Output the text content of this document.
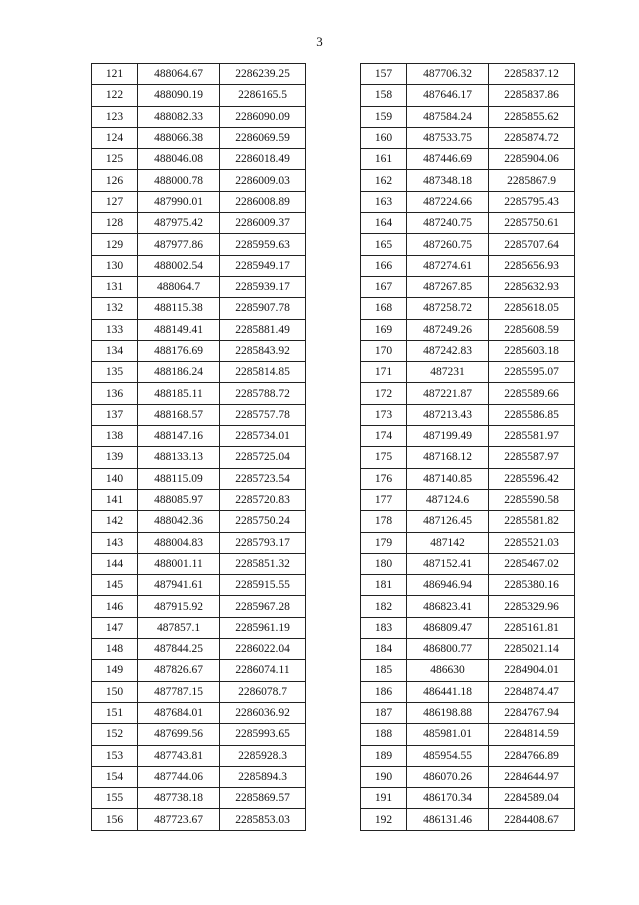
3
121	488064.67	2286239.25
122	488090.19	2286165.5
123	488082.33	2286090.09
124	488066.38	2286069.59
125	488046.08	2286018.49
126	488000.78	2286009.03
127	487990.01	2286008.89
128	487975.42	2286009.37
129	487977.86	2285959.63
130	488002.54	2285949.17
131	488064.7	2285939.17
132	488115.38	2285907.78
133	488149.41	2285881.49
134	488176.69	2285843.92
135	488186.24	2285814.85
136	488185.11	2285788.72
137	488168.57	2285757.78
138	488147.16	2285734.01
139	488133.13	2285725.04
140	488115.09	2285723.54
141	488085.97	2285720.83
142	488042.36	2285750.24
143	488004.83	2285793.17
144	488001.11	2285851.32
145	487941.61	2285915.55
146	487915.92	2285967.28
147	487857.1	2285961.19
148	487844.25	2286022.04
149	487826.67	2286074.11
150	487787.15	2286078.7
151	487684.01	2286036.92
152	487699.56	2285993.65
153	487743.81	2285928.3
154	487744.06	2285894.3
155	487738.18	2285869.57
156	487723.67	2285853.03
157	487706.32	2285837.12
158	487646.17	2285837.86
159	487584.24	2285855.62
160	487533.75	2285874.72
161	487446.69	2285904.06
162	487348.18	2285867.9
163	487224.66	2285795.43
164	487240.75	2285750.61
165	487260.75	2285707.64
166	487274.61	2285656.93
167	487267.85	2285632.93
168	487258.72	2285618.05
169	487249.26	2285608.59
170	487242.83	2285603.18
171	487231	2285595.07
172	487221.87	2285589.66
173	487213.43	2285586.85
174	487199.49	2285581.97
175	487168.12	2285587.97
176	487140.85	2285596.42
177	487124.6	2285590.58
178	487126.45	2285581.82
179	487142	2285521.03
180	487152.41	2285467.02
181	486946.94	2285380.16
182	486823.41	2285329.96
183	486809.47	2285161.81
184	486800.77	2285021.14
185	486630	2284904.01
186	486441.18	2284874.47
187	486198.88	2284767.94
188	485981.01	2284814.59
189	485954.55	2284766.89
190	486070.26	2284644.97
191	486170.34	2284589.04
192	486131.46	2284408.67
